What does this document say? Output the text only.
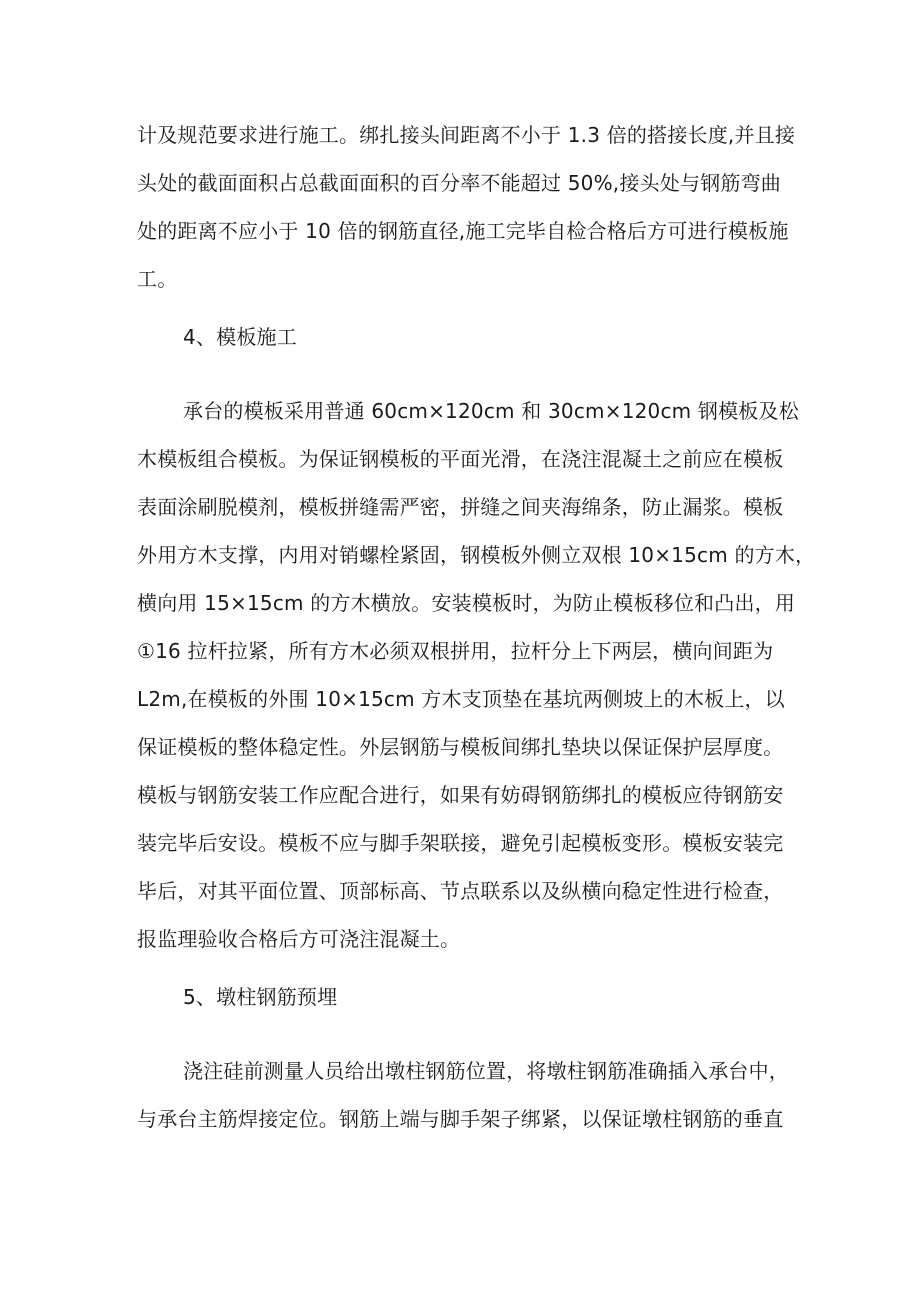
计及规范要求进行施工。绑扎接头间距离不小于 1.3 倍的搭接长度,并且接
头处的截面面积占总截面面积的百分率不能超过 50%,接头处与钢筋弯曲
处的距离不应小于 10 倍的钢筋直径,施工完毕自检合格后方可进行模板施
工。
4、模板施工
承台的模板采用普通 60cm×120cm 和 30cm×120cm 钢模板及松
木模板组合模板。为保证钢模板的平面光滑，在浇注混凝土之前应在模板
表面涂刷脱模剂，模板拼缝需严密，拼缝之间夹海绵条，防止漏浆。模板
外用方木支撑，内用对销螺栓紧固，钢模板外侧立双根 10×15cm 的方木，
横向用 15×15cm 的方木横放。安装模板时，为防止模板移位和凸出，用
①16 拉杆拉紧，所有方木必须双根拼用，拉杆分上下两层，横向间距为
L2m,在模板的外围 10×15cm 方木支顶垫在基坑两侧坡上的木板上，以
保证模板的整体稳定性。外层钢筋与模板间绑扎垫块以保证保护层厚度。
模板与钢筋安装工作应配合进行，如果有妨碍钢筋绑扎的模板应待钢筋安
装完毕后安设。模板不应与脚手架联接，避免引起模板变形。模板安装完
毕后，对其平面位置、顶部标高、节点联系以及纵横向稳定性进行检查，
报监理验收合格后方可浇注混凝土。
5、墩柱钢筋预埋
浇注硅前测量人员给出墩柱钢筋位置，将墩柱钢筋准确插入承台中，
与承台主筋焊接定位。钢筋上端与脚手架子绑紧，以保证墩柱钢筋的垂直
